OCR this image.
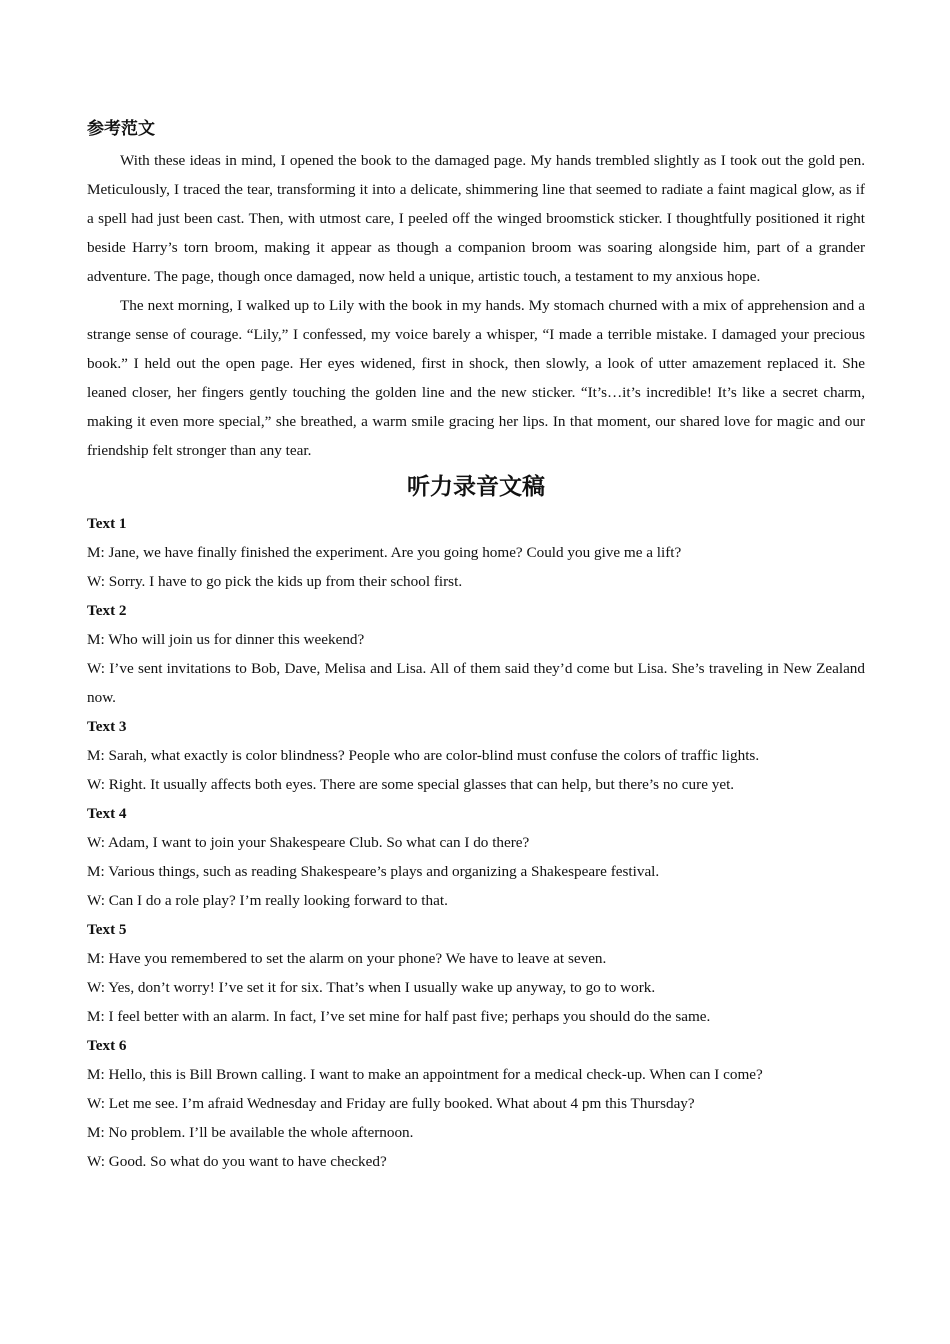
参考范文

With these ideas in mind, I opened the book to the damaged page. My hands trembled slightly as I took out the gold pen. Meticulously, I traced the tear, transforming it into a delicate, shimmering line that seemed to radiate a faint magical glow, as if a spell had just been cast. Then, with utmost care, I peeled off the winged broomstick sticker. I thoughtfully positioned it right beside Harry’s torn broom, making it appear as though a companion broom was soaring alongside him, part of a grander adventure. The page, though once damaged, now held a unique, artistic touch, a testament to my anxious hope.

The next morning, I walked up to Lily with the book in my hands. My stomach churned with a mix of apprehension and a strange sense of courage. “Lily,” I confessed, my voice barely a whisper, “I made a terrible mistake. I damaged your precious book.” I held out the open page. Her eyes widened, first in shock, then slowly, a look of utter amazement replaced it. She leaned closer, her fingers gently touching the golden line and the new sticker. “It’s…it’s incredible! It’s like a secret charm, making it even more special,” she breathed, a warm smile gracing her lips. In that moment, our shared love for magic and our friendship felt stronger than any tear.

听力录音文稿

Text 1

M: Jane, we have finally finished the experiment. Are you going home? Could you give me a lift?

W: Sorry. I have to go pick the kids up from their school first.

Text 2

M: Who will join us for dinner this weekend?

W: I’ve sent invitations to Bob, Dave, Melisa and Lisa. All of them said they’d come but Lisa. She’s traveling in New Zealand now.

Text 3

M: Sarah, what exactly is color blindness? People who are color-blind must confuse the colors of traffic lights.

W: Right. It usually affects both eyes. There are some special glasses that can help, but there’s no cure yet.

Text 4

W: Adam, I want to join your Shakespeare Club. So what can I do there?

M: Various things, such as reading Shakespeare’s plays and organizing a Shakespeare festival.

W: Can I do a role play? I’m really looking forward to that.

Text 5

M: Have you remembered to set the alarm on your phone? We have to leave at seven.

W: Yes, don’t worry! I’ve set it for six. That’s when I usually wake up anyway, to go to work.

M: I feel better with an alarm. In fact, I’ve set mine for half past five; perhaps you should do the same.

Text 6

M: Hello, this is Bill Brown calling. I want to make an appointment for a medical check-up. When can I come?

W: Let me see. I’m afraid Wednesday and Friday are fully booked. What about 4 pm this Thursday?

M: No problem. I’ll be available the whole afternoon.

W: Good. So what do you want to have checked?
